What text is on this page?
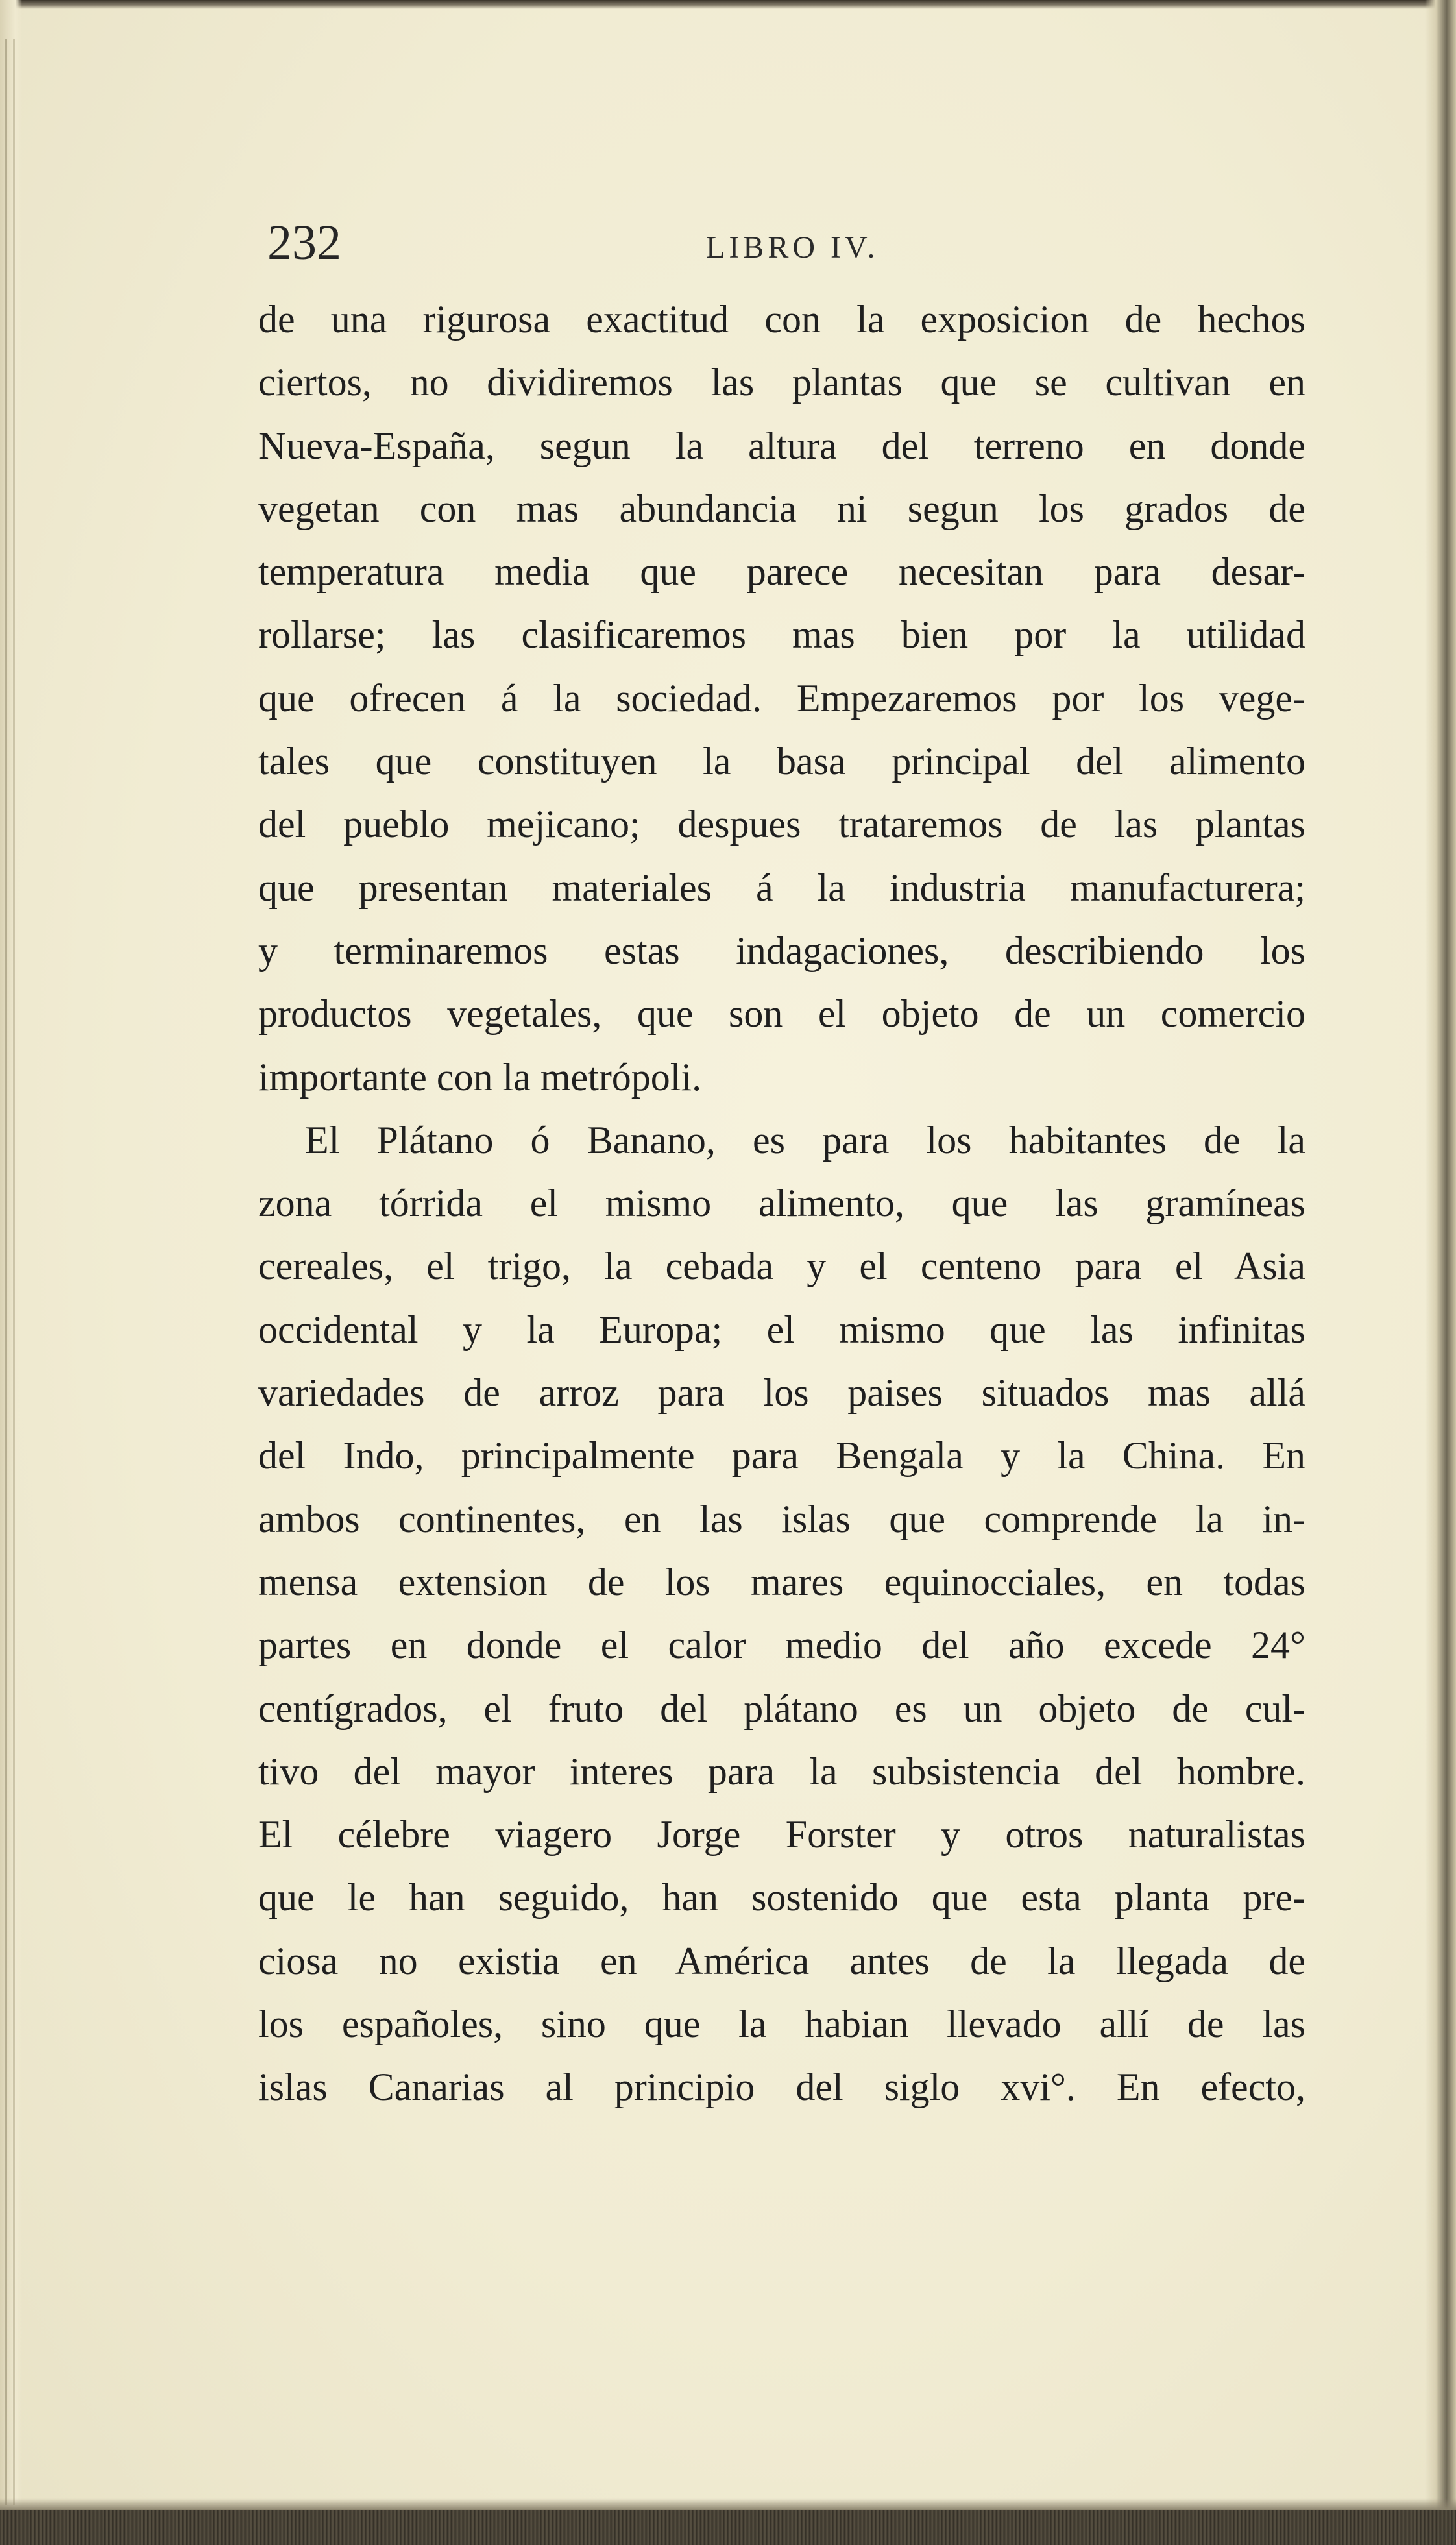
232	LIBRO IV.
de una rigurosa exactitud con la exposicion de hechos
ciertos, no dividiremos las plantas que se cultivan en
Nueva-España, segun la altura del terreno en donde
vegetan con mas abundancia ni segun los grados de
temperatura media que parece necesitan para desar-
rollarse; las clasificaremos mas bien por la utilidad
que ofrecen á la sociedad. Empezaremos por los vege-
tales que constituyen la basa principal del alimento
del pueblo mejicano; despues trataremos de las plantas
que presentan materiales á la industria manufacturera;
y terminaremos estas indagaciones, describiendo los
productos vegetales, que son el objeto de un comercio
importante con la metrópoli.
El Plátano ó Banano, es para los habitantes de la
zona tórrida el mismo alimento, que las gramíneas
cereales, el trigo, la cebada y el centeno para el Asia
occidental y la Europa; el mismo que las infinitas
variedades de arroz para los paises situados mas allá
del Indo, principalmente para Bengala y la China. En
ambos continentes, en las islas que comprende la in-
mensa extension de los mares equinocciales, en todas
partes en donde el calor medio del año excede 24°
centígrados, el fruto del plátano es un objeto de cul-
tivo del mayor interes para la subsistencia del hombre.
El célebre viagero Jorge Forster y otros naturalistas
que le han seguido, han sostenido que esta planta pre-
ciosa no existia en América antes de la llegada de
los españoles, sino que la habian llevado allí de las
islas Canarias al principio del siglo xvi°. En efecto,
